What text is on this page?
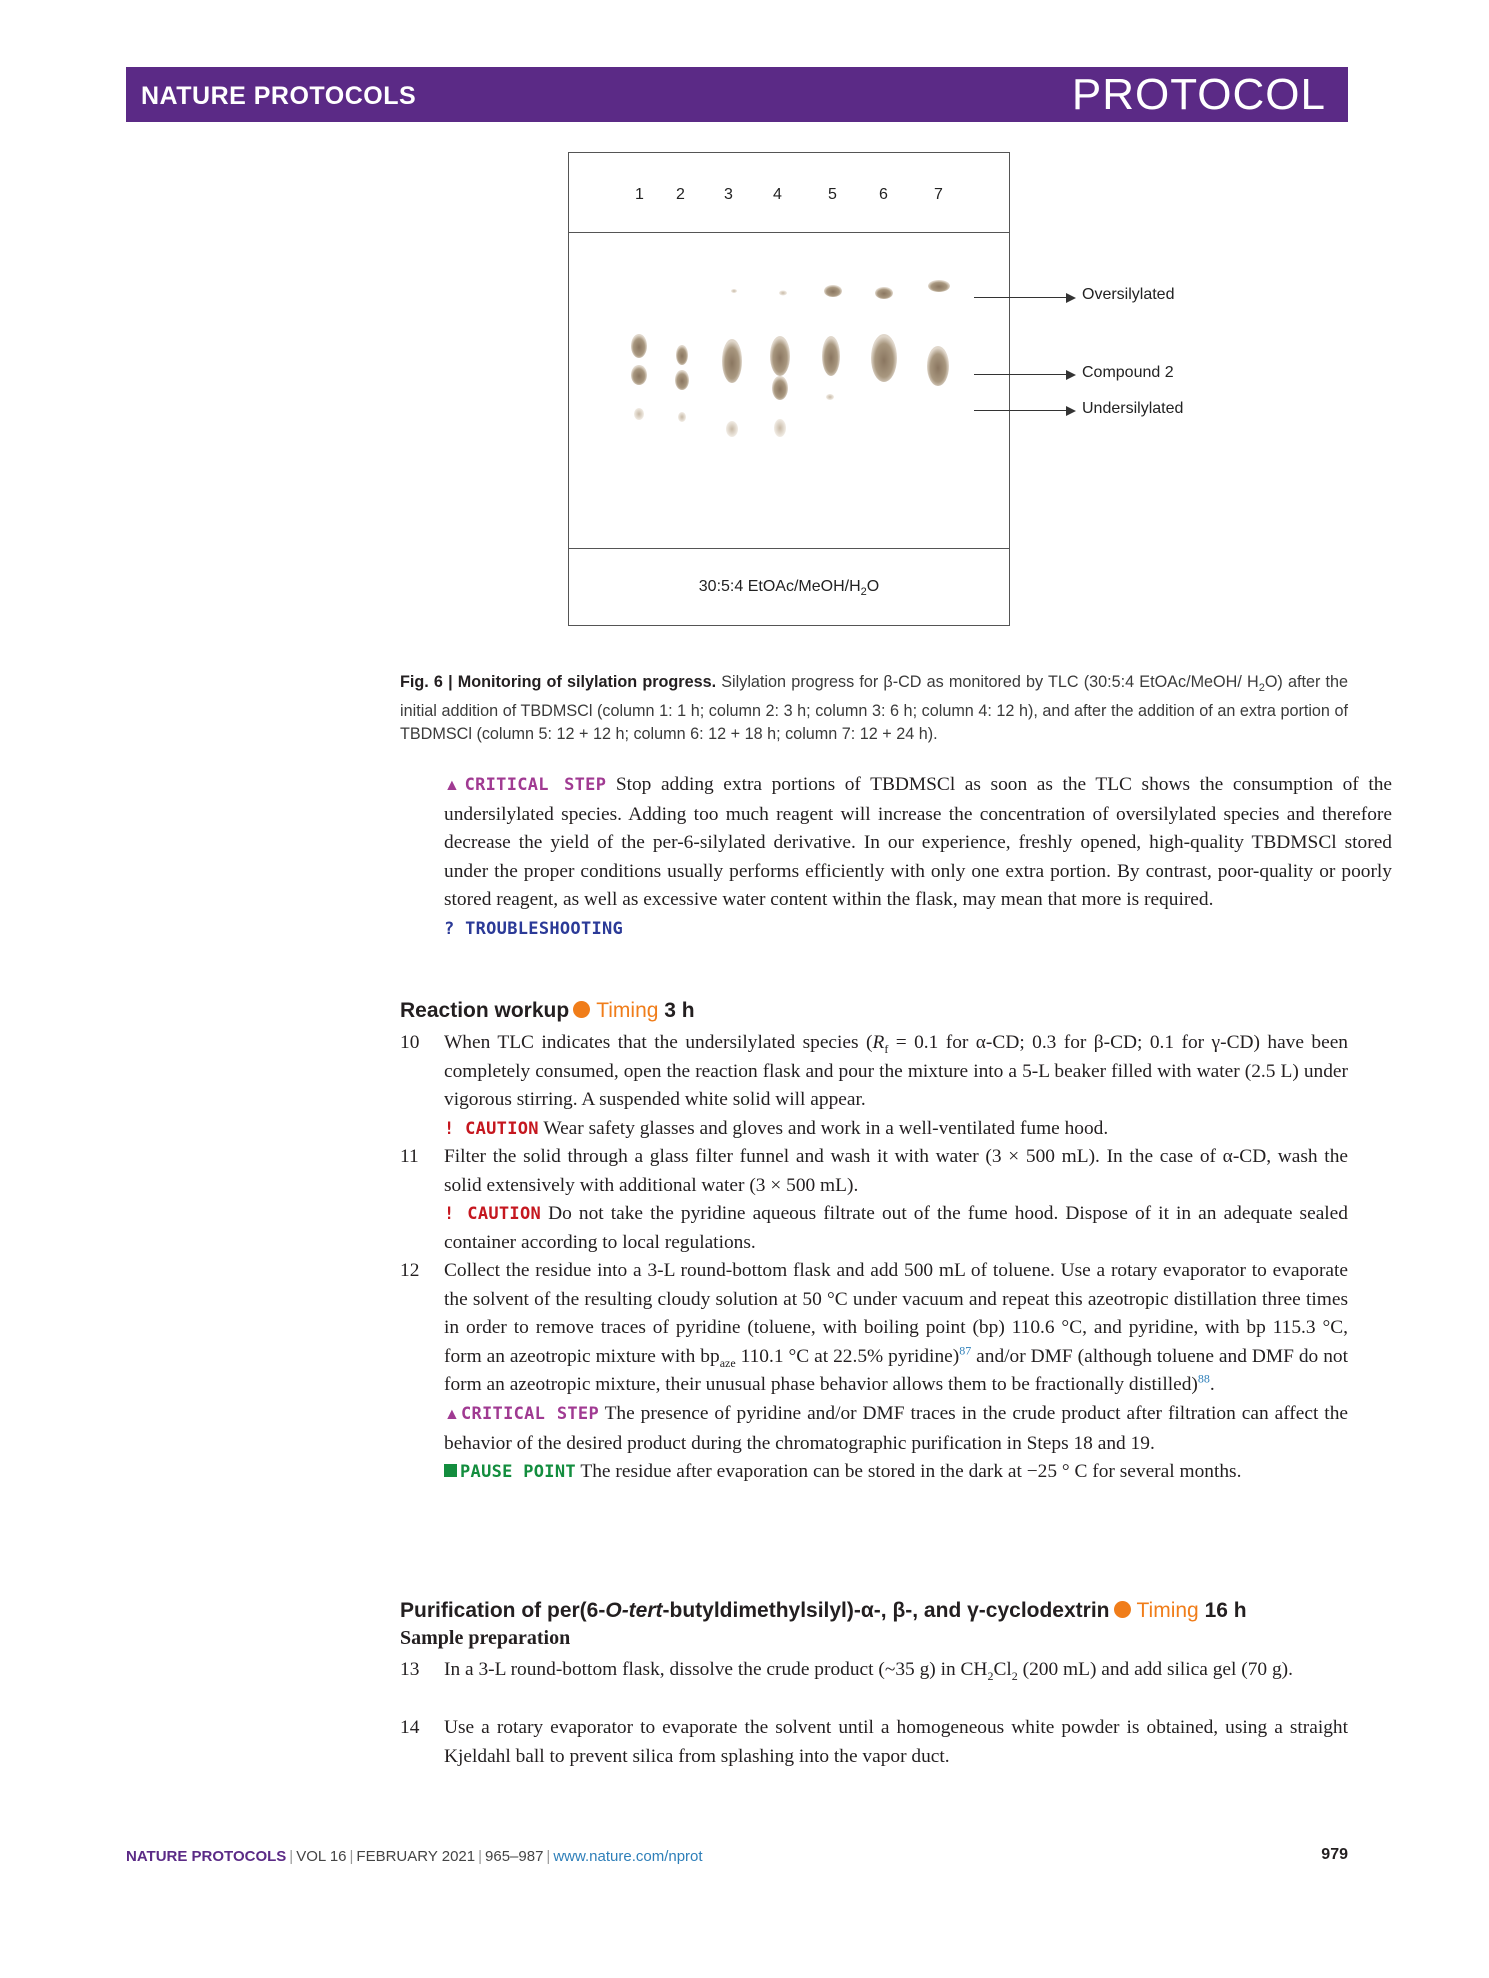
NATURE PROTOCOLS	PROTOCOL
1 2 3	4	5	6	7
30:5:4 EtOAc/$MeOH/H_2O$
Oversilylated
Compound 2
Undersilylated
Fig. 6 | Monitoring of silylation progress. Silylation progress for β-CD as monitored by TLC (30:5:4 EtOAc/MeOH/ $H_2O$) after the initial addition of TBDMSCl (column 1: 1 h; column 2: 3 h; column 3: 6 h; column 4: 12 h), and after the addition of an extra portion of TBDMSCl (column 5: 12 + 12 h; column 6: 12 + 18 h; column 7: 12 + 24 h).
▲CRITICAL STEP Stop adding extra portions of TBDMSCl as soon as the TLC shows the consumption of the undersilylated species. Adding too much reagent will increase the concentration of oversilylated species and therefore decrease the yield of the per-6-silylated derivative. In our experience, freshly opened, high-quality TBDMSCl stored under the proper conditions usually performs efficiently with only one extra portion. By contrast, poor-quality or poorly stored reagent, as well as excessive water content within the flask, may mean that more is required.
? TROUBLESHOOTING
Reaction workup Timing 3 h
10	When TLC indicates that the undersilylated species ($R_f = 0.1$ for α-CD; 0.3 for β-CD; 0.1 for γ-CD) have been completely consumed, open the reaction flask and pour the mixture into a 5-L beaker filled with water (2.5 L) under vigorous stirring. A suspended white solid will appear.
! CAUTION Wear safety glasses and gloves and work in a well-ventilated fume hood.
11	Filter the solid through a glass filter funnel and wash it with water (3 × 500 mL). In the case of α-CD, wash the solid extensively with additional water (3 × 500 mL).
! CAUTION Do not take the pyridine aqueous filtrate out of the fume hood. Dispose of it in an adequate sealed container according to local regulations.
12	Collect the residue into a 3-L round-bottom flask and add 500 mL of toluene. Use a rotary evaporator to evaporate the solvent of the resulting cloudy solution at 50 °C under vacuum and repeat this azeotropic distillation three times in order to remove traces of pyridine (toluene, with boiling point (bp) 110.6 °C, and pyridine, with bp 115.3 °C, form an azeotropic mixture with $bp_{aze}$ 110.1 °C at 22.5% pyridine)$^{87}$ and/or DMF (although toluene and DMF do not form an azeotropic mixture, their unusual phase behavior allows them to be fractionally distilled)$^{88}$.
▲CRITICAL STEP The presence of pyridine and/or DMF traces in the crude product after filtration can affect the behavior of the desired product during the chromatographic purification in Steps 18 and 19.
PAUSE POINT The residue after evaporation can be stored in the dark at −25 ° C for several months.
Purification of per(6-O-tert-butyldimethylsilyl)-α-, β-, and γ-cyclodextrin Timing 16 h
Sample preparation
13	In a 3-L round-bottom flask, dissolve the crude product (~35 g) in $CH_2Cl_2$ (200 mL) and add silica gel (70 g).
14	Use a rotary evaporator to evaporate the solvent until a homogeneous white powder is obtained, using a straight Kjeldahl ball to prevent silica from splashing into the vapor duct.
NATURE PROTOCOLS | VOL 16 | FEBRUARY 2021 | 965–987 | www.nature.com/nprot	979
